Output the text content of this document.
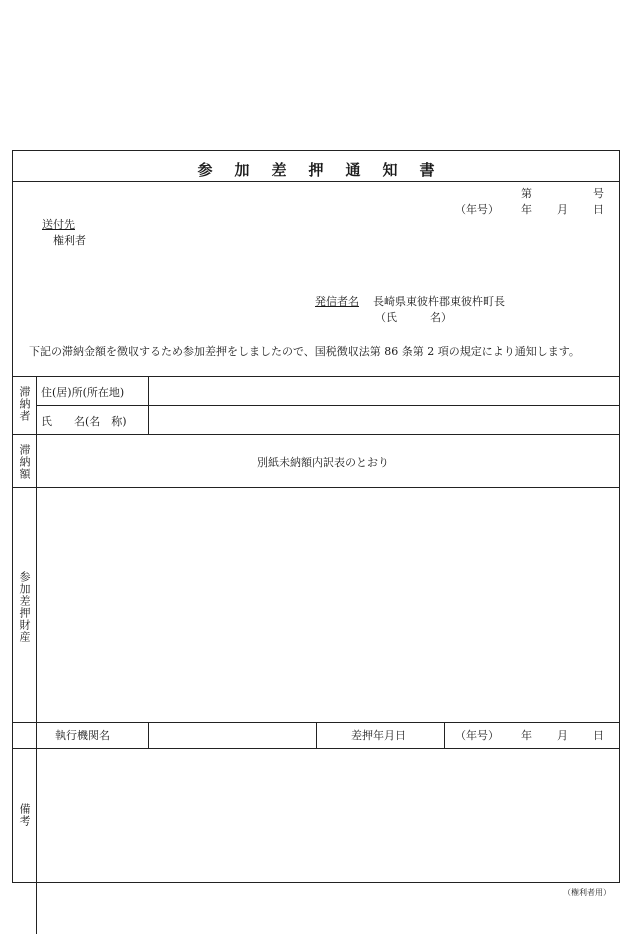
参加差押通知書
第	号
（年号） 年 月 日
送付先
権利者
発信者名 長崎県東彼杵郡東彼杵町長
（氏　　　名）
下記の滞納金額を徴収するため参加差押をしましたので、国税徴収法第 86 条第 2 項の規定により通知します。
滞納者 住(居)所(所在地)
氏　　名(名　称)
滞納額	別紙未納額内訳表のとおり
参加差押財産
執行機関名	差押年月日	（年号） 年 月 日
備考
（権利者用）
